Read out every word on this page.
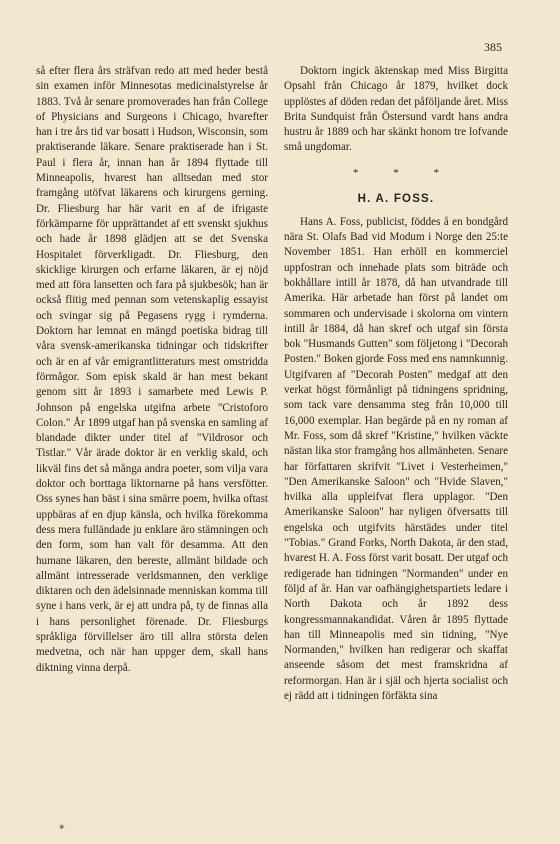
385

så efter flera års sträfvan redo att med heder bestå sin examen inför Minnesotas medicinalstyrelse år 1883. Två år senare promoverades han från College of Physicians and Surgeons i Chicago, hvarefter han i tre års tid var bosatt i Hudson, Wisconsin, som praktiserande läkare. Senare praktiserade han i St. Paul i flera år, innan han år 1894 flyttade till Minneapolis, hvarest han alltsedan med stor framgång utöfvat läkarens och kirurgens gerning. Dr. Fliesburg har här varit en af de ifrigaste förkämparne för upprättandet af ett svenskt sjukhus och hade år 1898 glädjen att se det Svenska Hospitalet förverkligadt. Dr. Fliesburg, den skicklige kirurgen och erfarne läkaren, är ej nöjd med att föra lansetten och fara på sjukbesök; han är också flitig med pennan som vetenskaplig essayist och svingar sig på Pegasens rygg i rymderna. Doktorn har lemnat en mängd poetiska bidrag till våra svensk-amerikanska tidningar och tidskrifter och är en af vår emigrantlitteraturs mest omstridda förmågor. Som episk skald är han mest bekant genom sitt år 1893 i samarbete med Lewis P. Johnson på engelska utgifna arbete "Cristoforo Colon." År 1899 utgaf han på svenska en samling af blandade dikter under titel af "Vildrosor och Tistlar." Vår ärade doktor är en verklig skald, och likväl fins det så många andra poeter, som vilja vara doktor och borttaga liktornarne på hans versfötter. Oss synes han bäst i sina smärre poem, hvilka oftast uppbäras af en djup känsla, och hvilka förekomma dess mera fulländade ju enklare äro stämningen och den form, som han valt för desamma. Att den humane läkaren, den bereste, allmänt bildade och allmänt intresserade verldsmannen, den verklige diktaren och den ädelsinnade menniskan komma till syne i hans verk, är ej att undra på, ty de finnas alla i hans personlighet förenade. Dr. Fliesburgs språkliga förvillelser äro till allra största delen medvetna, och när han uppger dem, skall hans diktning vinna derpå.

Doktorn ingick äktenskap med Miss Birgitta Opsahl från Chicago år 1879, hvilket dock upplöstes af döden redan det påföljande året. Miss Brita Sundquist från Östersund vardt hans andra hustru år 1889 och har skänkt honom tre lofvande små ungdomar.

* * *
H. A. FOSS.

Hans A. Foss, publicist, föddes å en bondgård nära St. Olafs Bad vid Modum i Norge den 25:te November 1851. Han erhöll en kommerciel uppfostran och innehade plats som biträde och bokhållare intill år 1878, då han utvandrade till Amerika. Här arbetade han först på landet om sommaren och undervisade i skolorna om vintern intill år 1884, då han skref och utgaf sin första bok "Husmands Gutten" som följetong i "Decorah Posten." Boken gjorde Foss med ens namnkunnig. Utgifvaren af "Decorah Posten" medgaf att den verkat högst förmånligt på tidningens spridning, som tack vare densamma steg från 10,000 till 16,000 exemplar. Han begärde på en ny roman af Mr. Foss, som då skref "Kristine," hvilken väckte nästan lika stor framgång hos allmänheten. Senare har författaren skrifvit "Livet i Vesterheimen," "Den Amerikanske Saloon" och "Hvide Slaven," hvilka alla uppleifvat flera upplagor. "Den Amerikanske Saloon" har nyligen öfversatts till engelska och utgifvits härstädes under titel "Tobias." Grand Forks, North Dakota, är den stad, hvarest H. A. Foss först varit bosatt. Der utgaf och redigerade han tidningen "Normanden" under en följd af år. Han var oafhängighetspartiets ledare i North Dakota och år 1892 dess kongressmannakandidat. Våren år 1895 flyttade han till Minneapolis med sin tidning, "Nye Normanden," hvilken han redigerar och skaffat anseende såsom det mest framskridna af reformorgan. Han är i själ och hjerta socialist och ej rädd att i tidningen förfäkta sina

✶
